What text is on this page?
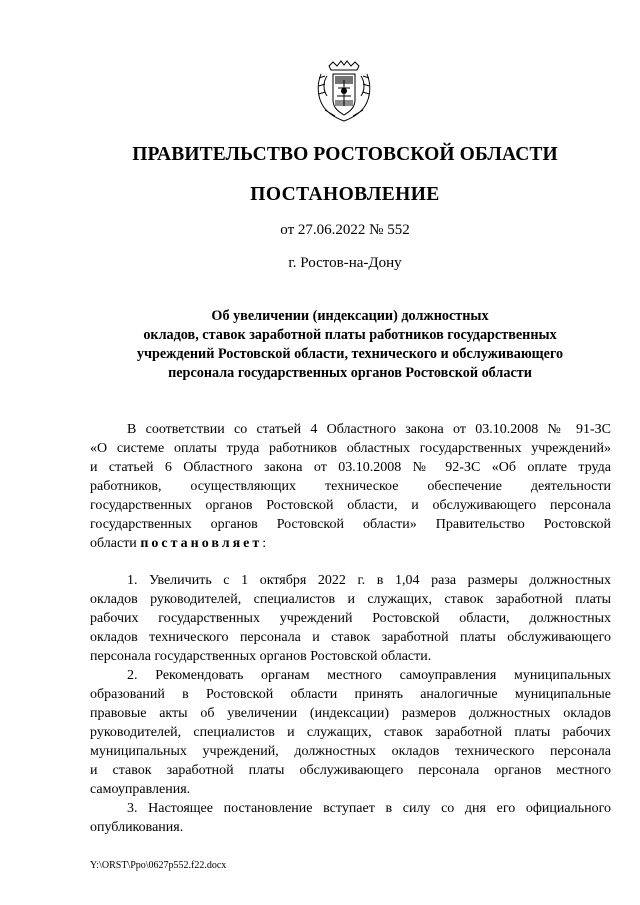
ПРАВИТЕЛЬСТВО РОСТОВСКОЙ ОБЛАСТИ
ПОСТАНОВЛЕНИЕ
от 27.06.2022 № 552
г. Ростов-на-Дону
Об увеличении (индексации) должностных
окладов, ставок заработной платы работников государственных
учреждений Ростовской области, технического и обслуживающего
персонала государственных органов Ростовской области
В соответствии со статьей 4 Областного закона от 03.10.2008 № 91-ЗС
«О системе оплаты труда работников областных государственных учреждений»
и статьей 6 Областного закона от 03.10.2008 № 92-ЗС «Об оплате труда
работников, осуществляющих техническое обеспечение деятельности
государственных органов Ростовской области, и обслуживающего персонала
государственных органов Ростовской области» Правительство Ростовской
области постановляет:
1. Увеличить с 1 октября 2022 г. в 1,04 раза размеры должностных
окладов руководителей, специалистов и служащих, ставок заработной платы
рабочих государственных учреждений Ростовской области, должностных
окладов технического персонала и ставок заработной платы обслуживающего
персонала государственных органов Ростовской области.
2. Рекомендовать органам местного самоуправления муниципальных
образований в Ростовской области принять аналогичные муниципальные
правовые акты об увеличении (индексации) размеров должностных окладов
руководителей, специалистов и служащих, ставок заработной платы рабочих
муниципальных учреждений, должностных окладов технического персонала
и ставок заработной платы обслуживающего персонала органов местного
самоуправления.
3. Настоящее постановление вступает в силу со дня его официального
опубликования.
Y:\ORST\Ppo\0627p552.f22.docx
